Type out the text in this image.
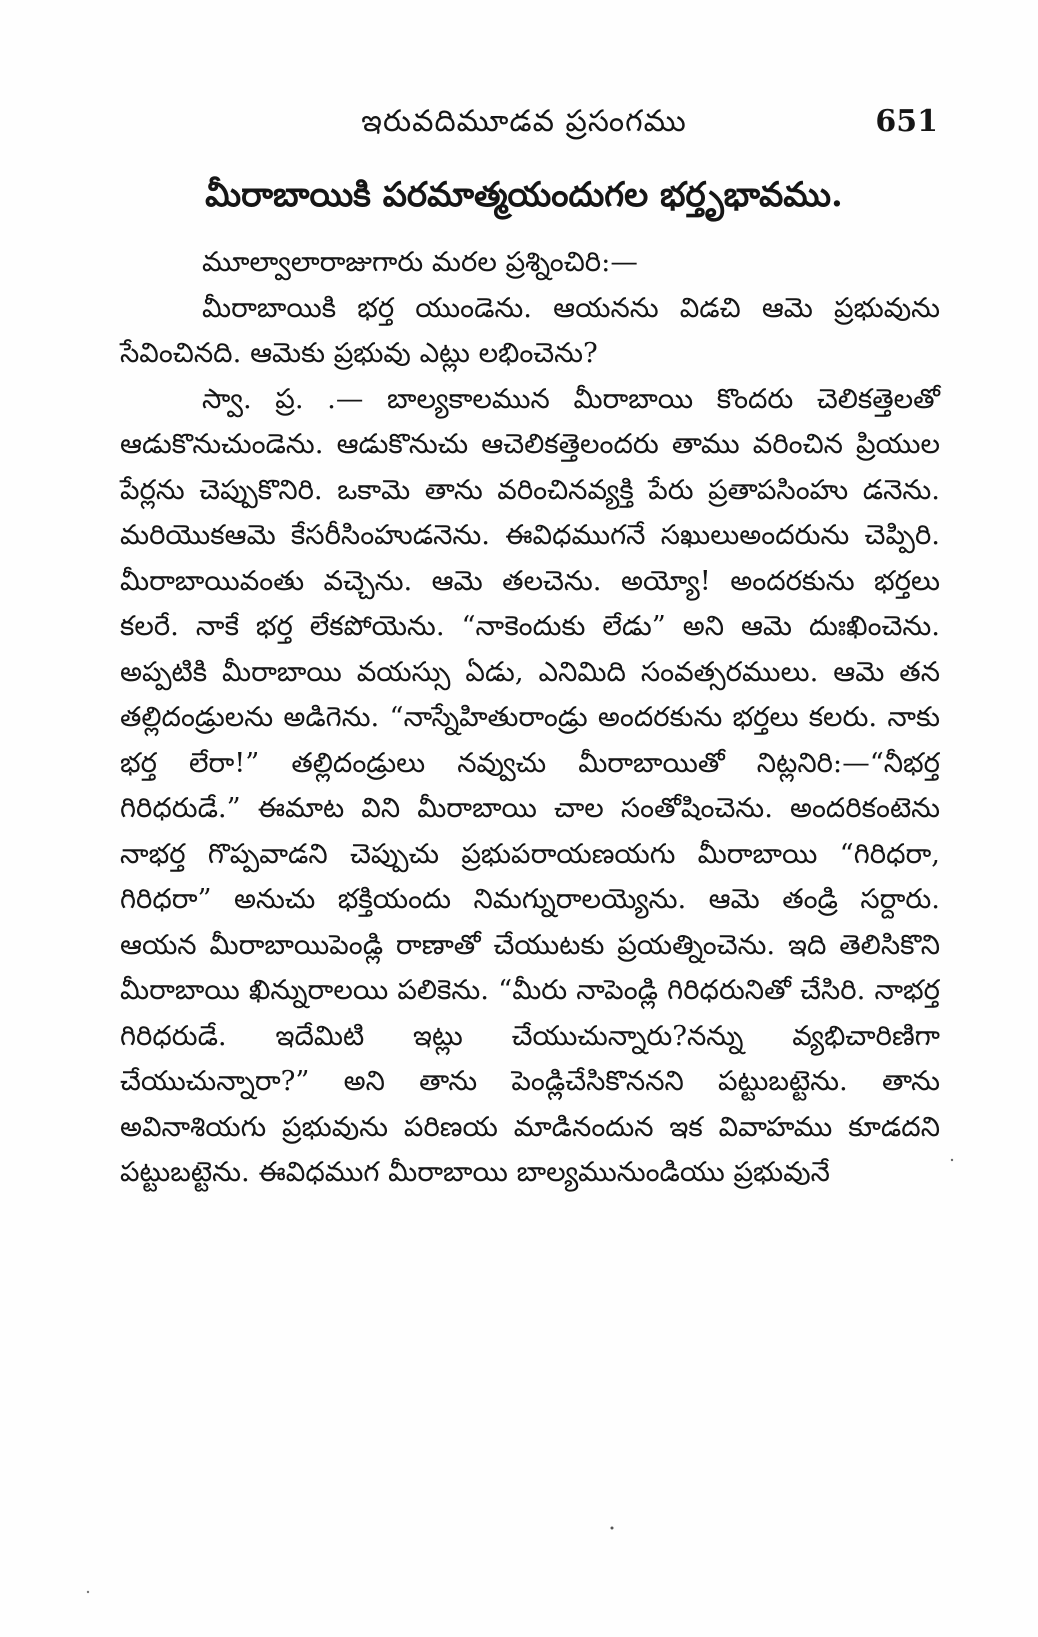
ఇరువదిమూడవ ప్రసంగము	651
మీరాబాయికి పరమాత్మయందుగల భర్తృభావము.

మూల్వాలారాజుగారు మరల ప్రశ్నించిరి:—

మీరాబాయికి భర్త యుండెను. ఆయనను విడచి ఆమె ప్రభువును సేవించినది. ఆమెకు ప్రభువు ఎట్లు లభించెను?

స్వా. ప్ర. .— బాల్యకాలమున మీరాబాయి కొందరు చెలికత్తెలతో ఆడుకొనుచుండెను. ఆడుకొనుచు ఆచెలికత్తెలందరు తాము వరించిన ప్రియుల పేర్లను చెప్పుకొనిరి. ఒకామె తాను వరించినవ్యక్తి పేరు ప్రతాపసింహు డనెను. మరియొకఆమె కేసరీసింహుడనెను. ఈవిధముగనే సఖులుఅందరును చెప్పిరి. మీరాబాయివంతు వచ్చెను. ఆమె తలచెను. అయ్యో! అందరకును భర్తలు కలరే. నాకే భర్త లేకపోయెను. “నాకెందుకు లేడు” అని ఆమె దుఃఖించెను. అప్పటికి మీరాబాయి వయస్సు ఏడు, ఎనిమిది సంవత్సరములు. ఆమె తన తల్లిదండ్రులను అడిగెను. “నాస్నేహితురాండ్రు అందరకును భర్తలు కలరు. నాకు భర్త లేరా!” తల్లిదండ్రులు నవ్వుచు మీరాబాయితో నిట్లనిరి:—“నీభర్త గిరిధరుడే.” ఈమాట విని మీరాబాయి చాల సంతోషించెను. అందరికంటెను నాభర్త గొప్పవాడని చెప్పుచు ప్రభుపరాయణయగు మీరాబాయి “గిరిధరా, గిరిధరా” అనుచు భక్తియందు నిమగ్నురాలయ్యెను. ఆమె తండ్రి సర్దారు. ఆయన మీరాబాయిపెండ్లి రాణాతో చేయుటకు ప్రయత్నించెను. ఇది తెలిసికొని మీరాబాయి ఖిన్నురాలయి పలికెను. “మీరు నాపెండ్లి గిరిధరునితో చేసిరి. నాభర్త గిరిధరుడే. ఇదేమిటి ఇట్లు చేయుచున్నారు?నన్ను వ్యభిచారిణిగా చేయుచున్నారా?” అని తాను పెండ్లిచేసికొననని పట్టుబట్టెను. తాను అవినాశియగు ప్రభువును పరిణయ మాడినందున ఇక వివాహము కూడదని పట్టుబట్టెను. ఈవిధముగ మీరాబాయి బాల్యమునుండియు ప్రభువునే
